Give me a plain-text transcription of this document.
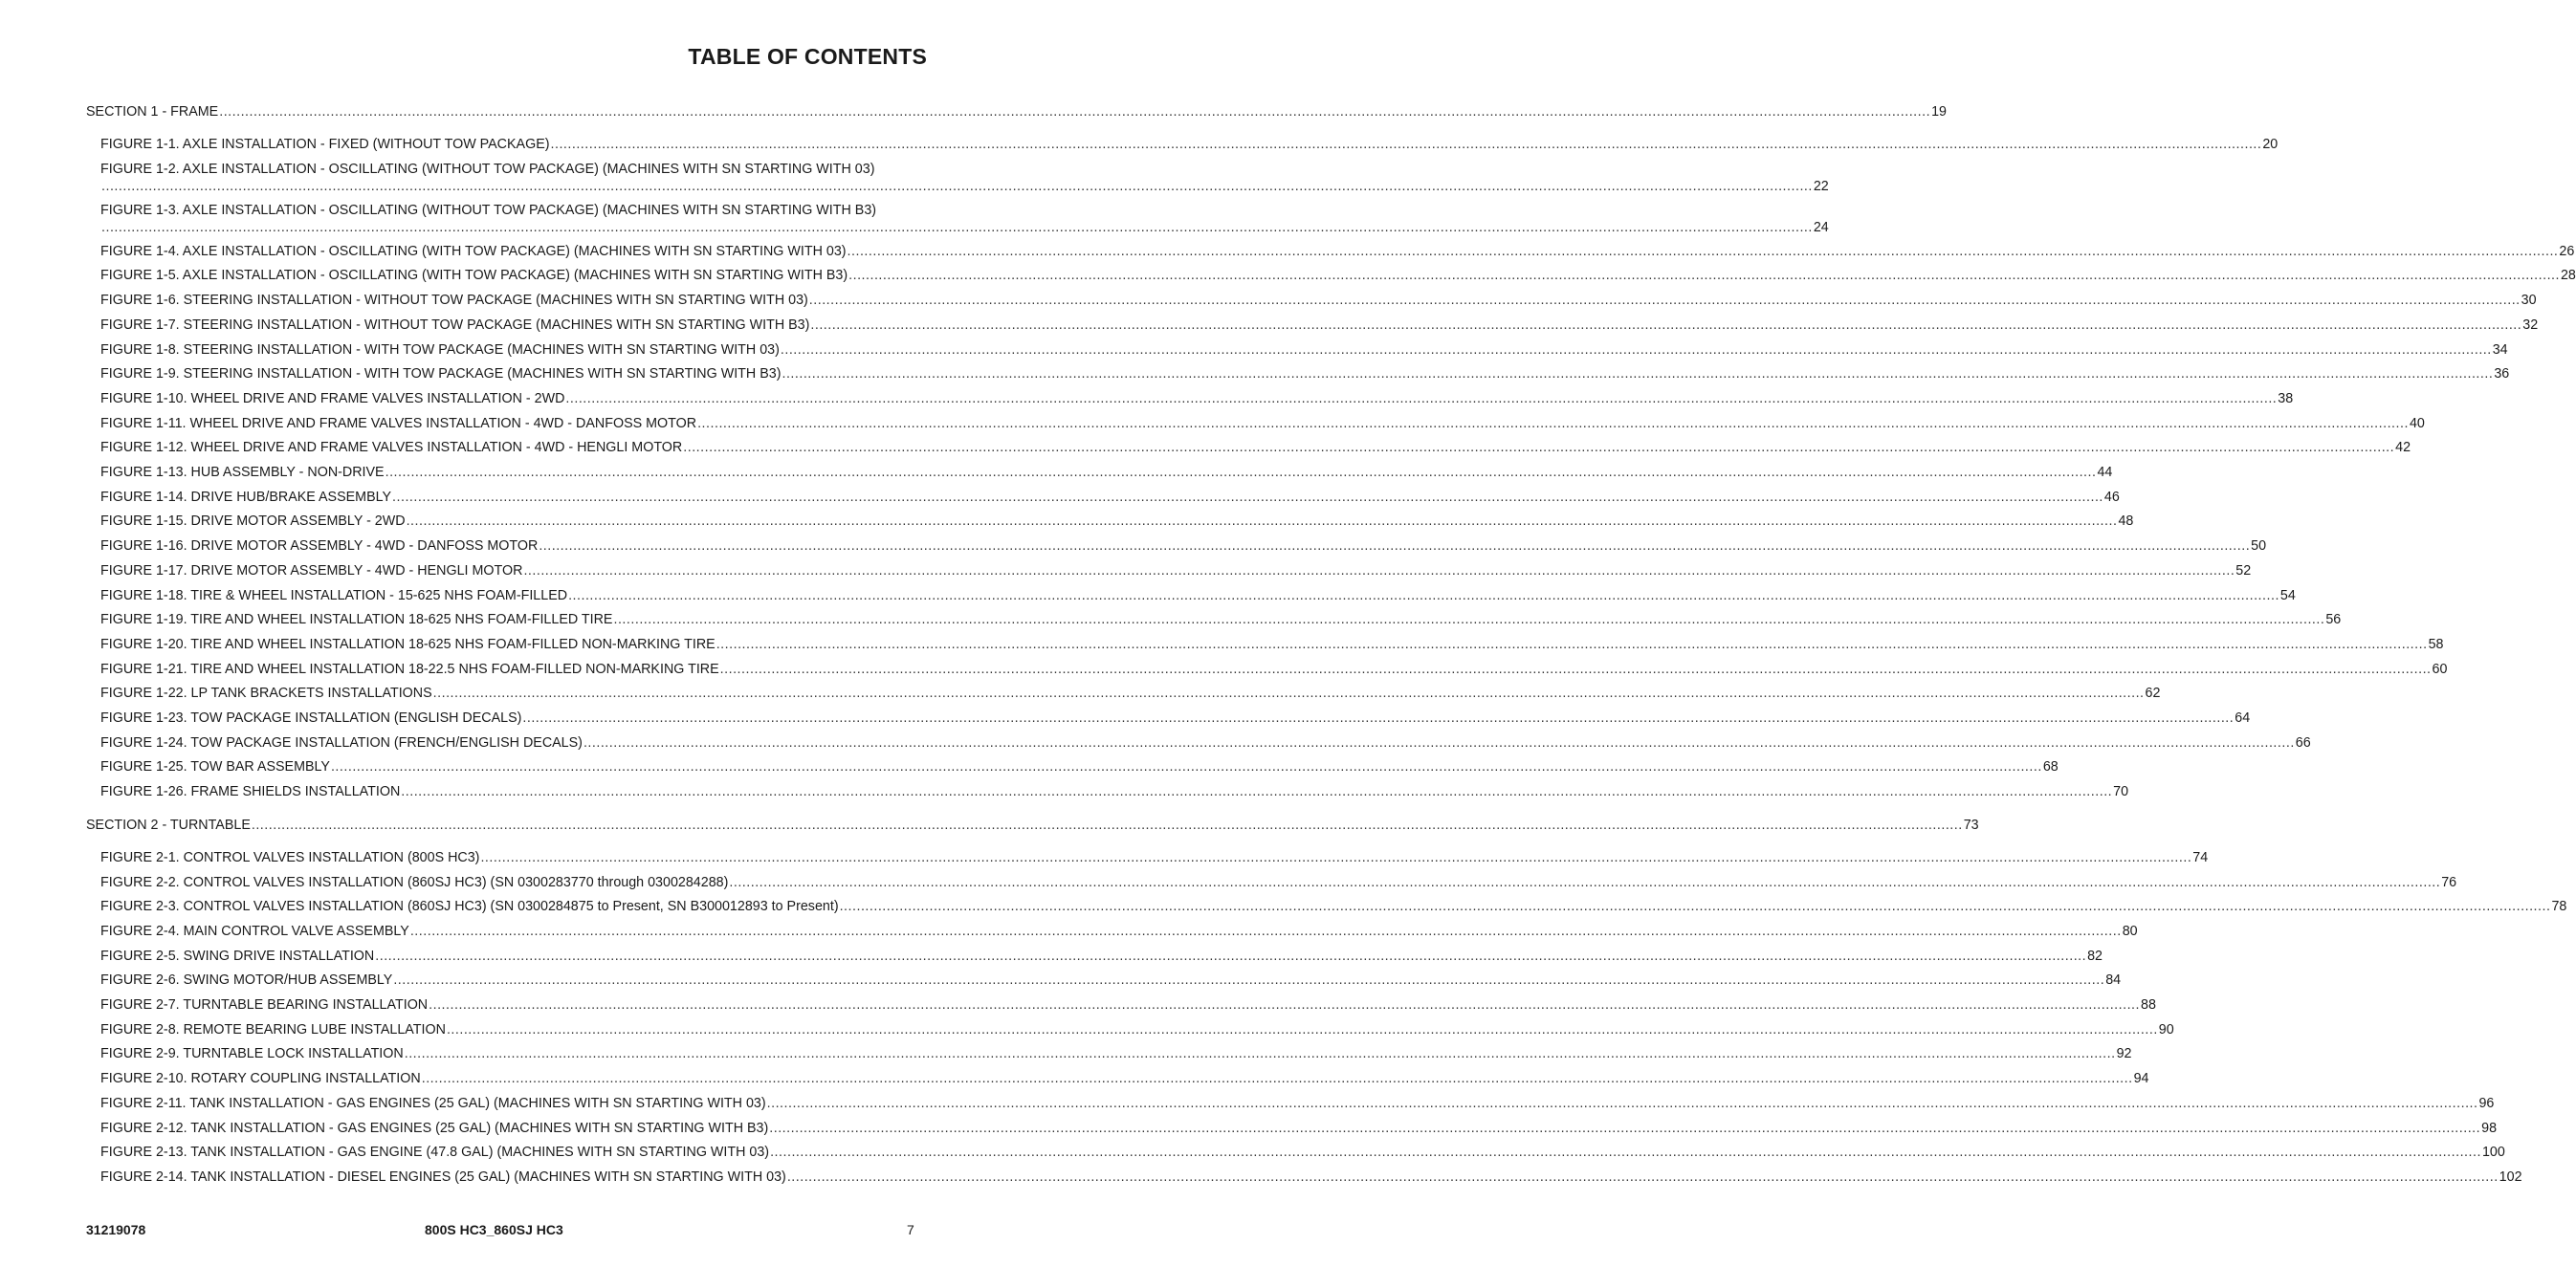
TABLE OF CONTENTS
SECTION 1 - FRAME ................................................................................................................................................................................................................................................................................................................................................................................................................ 19
FIGURE 1-1. AXLE INSTALLATION - FIXED (WITHOUT TOW PACKAGE) ................................................................................................................................................................................................................................................................................................................................................................................................................ 20
FIGURE 1-2. AXLE INSTALLATION - OSCILLATING (WITHOUT TOW PACKAGE) (MACHINES WITH SN STARTING WITH 03)
................................................................................................................................................................................................................................................................................................................................................................................................................ 22
FIGURE 1-3. AXLE INSTALLATION - OSCILLATING (WITHOUT TOW PACKAGE) (MACHINES WITH SN STARTING WITH B3)
................................................................................................................................................................................................................................................................................................................................................................................................................ 24
FIGURE 1-4. AXLE INSTALLATION - OSCILLATING (WITH TOW PACKAGE) (MACHINES WITH SN STARTING WITH 03) ................................................................................................................................................................................................................................................................................................................................................................................................................ 26
FIGURE 1-5. AXLE INSTALLATION - OSCILLATING (WITH TOW PACKAGE) (MACHINES WITH SN STARTING WITH B3) ................................................................................................................................................................................................................................................................................................................................................................................................................ 28
FIGURE 1-6. STEERING INSTALLATION - WITHOUT TOW PACKAGE (MACHINES WITH SN STARTING WITH 03) ................................................................................................................................................................................................................................................................................................................................................................................................................ 30
FIGURE 1-7. STEERING INSTALLATION - WITHOUT TOW PACKAGE (MACHINES WITH SN STARTING WITH B3) ................................................................................................................................................................................................................................................................................................................................................................................................................ 32
FIGURE 1-8. STEERING INSTALLATION - WITH TOW PACKAGE (MACHINES WITH SN STARTING WITH 03) ................................................................................................................................................................................................................................................................................................................................................................................................................ 34
FIGURE 1-9. STEERING INSTALLATION - WITH TOW PACKAGE (MACHINES WITH SN STARTING WITH B3) ................................................................................................................................................................................................................................................................................................................................................................................................................ 36
FIGURE 1-10. WHEEL DRIVE AND FRAME VALVES INSTALLATION - 2WD ................................................................................................................................................................................................................................................................................................................................................................................................................ 38
FIGURE 1-11. WHEEL DRIVE AND FRAME VALVES INSTALLATION - 4WD - DANFOSS MOTOR ................................................................................................................................................................................................................................................................................................................................................................................................................ 40
FIGURE 1-12. WHEEL DRIVE AND FRAME VALVES INSTALLATION - 4WD - HENGLI MOTOR ................................................................................................................................................................................................................................................................................................................................................................................................................ 42
FIGURE 1-13. HUB ASSEMBLY - NON-DRIVE ................................................................................................................................................................................................................................................................................................................................................................................................................ 44
FIGURE 1-14. DRIVE HUB/BRAKE ASSEMBLY ................................................................................................................................................................................................................................................................................................................................................................................................................ 46
FIGURE 1-15. DRIVE MOTOR ASSEMBLY - 2WD ................................................................................................................................................................................................................................................................................................................................................................................................................ 48
FIGURE 1-16. DRIVE MOTOR ASSEMBLY - 4WD - DANFOSS MOTOR ................................................................................................................................................................................................................................................................................................................................................................................................................ 50
FIGURE 1-17. DRIVE MOTOR ASSEMBLY - 4WD - HENGLI MOTOR ................................................................................................................................................................................................................................................................................................................................................................................................................ 52
FIGURE 1-18. TIRE & WHEEL INSTALLATION - 15-625 NHS FOAM-FILLED ................................................................................................................................................................................................................................................................................................................................................................................................................ 54
FIGURE 1-19. TIRE AND WHEEL INSTALLATION 18-625 NHS FOAM-FILLED TIRE ................................................................................................................................................................................................................................................................................................................................................................................................................ 56
FIGURE 1-20. TIRE AND WHEEL INSTALLATION 18-625 NHS FOAM-FILLED NON-MARKING TIRE ................................................................................................................................................................................................................................................................................................................................................................................................................ 58
FIGURE 1-21. TIRE AND WHEEL INSTALLATION 18-22.5 NHS FOAM-FILLED NON-MARKING TIRE ................................................................................................................................................................................................................................................................................................................................................................................................................ 60
FIGURE 1-22. LP TANK BRACKETS INSTALLATIONS ................................................................................................................................................................................................................................................................................................................................................................................................................ 62
FIGURE 1-23. TOW PACKAGE INSTALLATION (ENGLISH DECALS) ................................................................................................................................................................................................................................................................................................................................................................................................................ 64
FIGURE 1-24. TOW PACKAGE INSTALLATION (FRENCH/ENGLISH DECALS) ................................................................................................................................................................................................................................................................................................................................................................................................................ 66
FIGURE 1-25. TOW BAR ASSEMBLY ................................................................................................................................................................................................................................................................................................................................................................................................................ 68
FIGURE 1-26. FRAME SHIELDS INSTALLATION ................................................................................................................................................................................................................................................................................................................................................................................................................ 70
SECTION 2 - TURNTABLE ................................................................................................................................................................................................................................................................................................................................................................................................................ 73
FIGURE 2-1. CONTROL VALVES INSTALLATION (800S HC3) ................................................................................................................................................................................................................................................................................................................................................................................................................ 74
FIGURE 2-2. CONTROL VALVES INSTALLATION (860SJ HC3) (SN 0300283770 through 0300284288) ................................................................................................................................................................................................................................................................................................................................................................................................................ 76
FIGURE 2-3. CONTROL VALVES INSTALLATION (860SJ HC3) (SN 0300284875 to Present, SN B300012893 to Present) ................................................................................................................................................................................................................................................................................................................................................................................................................ 78
FIGURE 2-4. MAIN CONTROL VALVE ASSEMBLY ................................................................................................................................................................................................................................................................................................................................................................................................................ 80
FIGURE 2-5. SWING DRIVE INSTALLATION ................................................................................................................................................................................................................................................................................................................................................................................................................ 82
FIGURE 2-6. SWING MOTOR/HUB ASSEMBLY ................................................................................................................................................................................................................................................................................................................................................................................................................ 84
FIGURE 2-7. TURNTABLE BEARING INSTALLATION ................................................................................................................................................................................................................................................................................................................................................................................................................ 88
FIGURE 2-8. REMOTE BEARING LUBE INSTALLATION ................................................................................................................................................................................................................................................................................................................................................................................................................ 90
FIGURE 2-9. TURNTABLE LOCK INSTALLATION ................................................................................................................................................................................................................................................................................................................................................................................................................ 92
FIGURE 2-10. ROTARY COUPLING INSTALLATION ................................................................................................................................................................................................................................................................................................................................................................................................................ 94
FIGURE 2-11. TANK INSTALLATION - GAS ENGINES (25 GAL) (MACHINES WITH SN STARTING WITH 03) ................................................................................................................................................................................................................................................................................................................................................................................................................ 96
FIGURE 2-12. TANK INSTALLATION - GAS ENGINES (25 GAL) (MACHINES WITH SN STARTING WITH B3) ................................................................................................................................................................................................................................................................................................................................................................................................................ 98
FIGURE 2-13. TANK INSTALLATION - GAS ENGINE (47.8 GAL) (MACHINES WITH SN STARTING WITH 03) ................................................................................................................................................................................................................................................................................................................................................................................................................ 100
FIGURE 2-14. TANK INSTALLATION - DIESEL ENGINES (25 GAL) (MACHINES WITH SN STARTING WITH 03) ................................................................................................................................................................................................................................................................................................................................................................................................................ 102
31219078	800S HC3_860SJ HC3	7
